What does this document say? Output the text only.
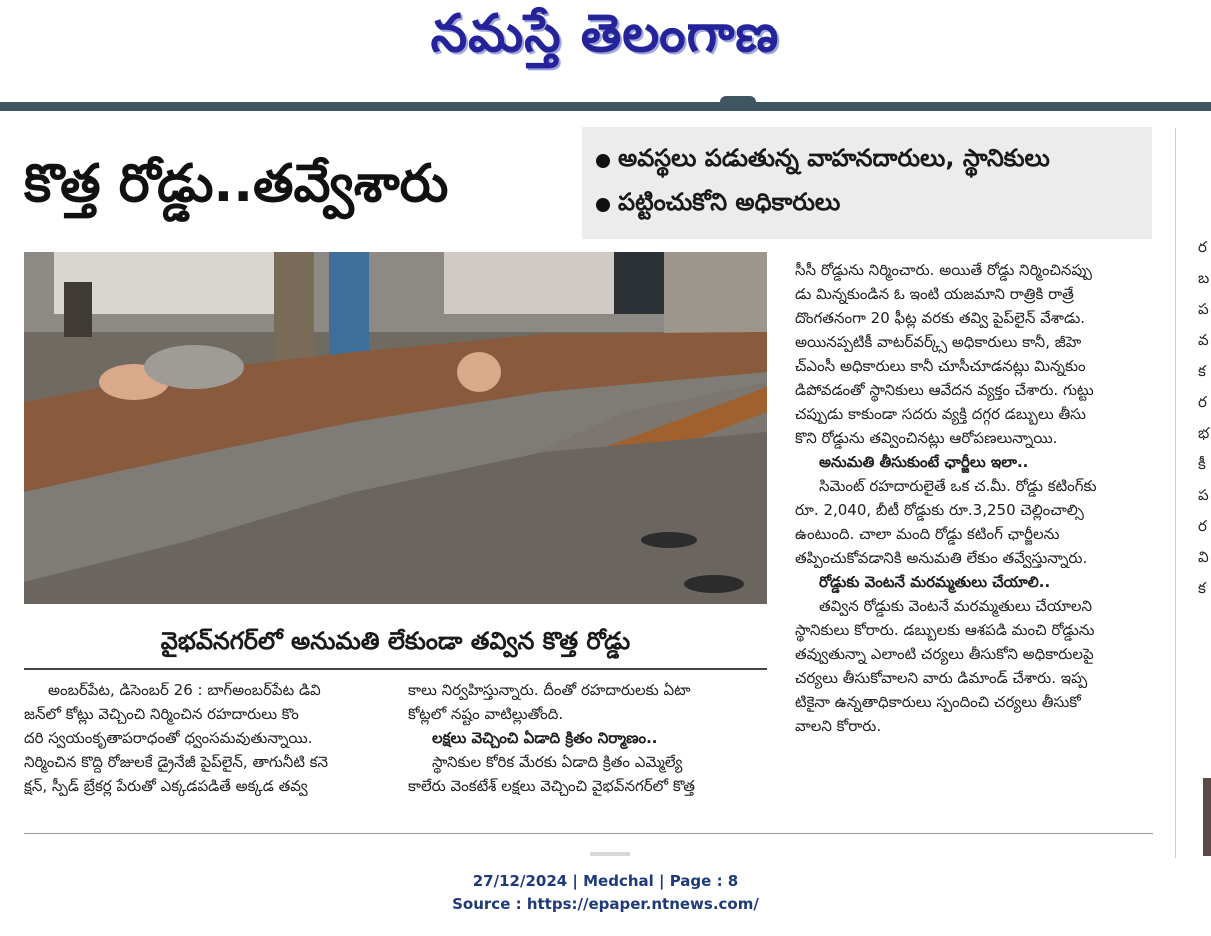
నమస్తే తెలంగాణ
కొత్త రోడ్డు..తవ్వేశారు	అవస్థలు పడుతున్న వాహనదారులు, స్థానికులు
పట్టించుకోని అధికారులు
వైభవ్‌నగర్‌లో అనుమతి లేకుండా తవ్విన కొత్త రోడ్డు

అంబర్‌పేట, డిసెంబర్ 26 : బాగ్‌అంబర్‌పేట డివి

జన్‌లో కోట్లు వెచ్చించి నిర్మించిన రహదారులు కొం

దరి స్వయంకృతాపరాధంతో ధ్వంసమవుతున్నాయి.

నిర్మించిన కొద్ది రోజులకే డ్రైనేజీ పైప్‌లైన్, తాగునీటి కనె

క్షన్, స్పీడ్ బ్రేకర్ల పేరుతో ఎక్కడపడితే అక్కడ తవ్వ

కాలు నిర్వహిస్తున్నారు. దీంతో రహదారులకు ఏటా

కోట్లలో నష్టం వాటిల్లుతోంది.

లక్షలు వెచ్చించి ఏడాది క్రితం నిర్మాణం..

స్థానికుల కోరిక మేరకు ఏడాది క్రితం ఎమ్మెల్యే

కాలేరు వెంకటేశ్ లక్షలు వెచ్చించి వైభవ్‌నగర్‌లో కొత్త

సీసీ రోడ్డును నిర్మించారు. అయితే రోడ్డు నిర్మించినప్పు

డు మిన్నకుండిన ఓ ఇంటి యజమాని రాత్రికి రాత్రే

దొంగతనంగా 20 ఫీట్ల వరకు తవ్వి పైప్‌లైన్ వేశాడు.

అయినప్పటికీ వాటర్‌వర్క్స్ అధికారులు కానీ, జీహె

చ్‌ఎంసీ అధికారులు కానీ చూసీచూడనట్లు మిన్నకుం

డిపోవడంతో స్థానికులు ఆవేదన వ్యక్తం చేశారు. గుట్టు

చప్పుడు కాకుండా సదరు వ్యక్తి దగ్గర డబ్బులు తీసు

కొని రోడ్డును తవ్వించినట్లు ఆరోపణలున్నాయి.

అనుమతి తీసుకుంటే ఛార్జీలు ఇలా..

సిమెంట్ రహదారులైతే ఒక చ.మీ. రోడ్డు కటింగ్‌కు

రూ. 2,040, బీటీ రోడ్డుకు రూ.3,250 చెల్లించాల్సి

ఉంటుంది. చాలా మంది రోడ్డు కటింగ్ ఛార్జీలను

తప్పించుకోవడానికి అనుమతి లేకుం తవ్వేస్తున్నారు.

రోడ్డుకు వెంటనే మరమ్మతులు చేయాలి..

తవ్విన రోడ్డుకు వెంటనే మరమ్మతులు చేయాలని

స్థానికులు కోరారు. డబ్బులకు ఆశపడి మంచి రోడ్డును

తవ్వుతున్నా ఎలాంటి చర్యలు తీసుకోని అధికారులపై

చర్యలు తీసుకోవాలని వారు డిమాండ్ చేశారు. ఇప్ప

టికైనా ఉన్నతాధికారులు స్పందించి చర్యలు తీసుకో

వాలని కోరారు.

ర
బ
ప
వ
క
ర
భ
కీ
ప
ర
వి
క
27/12/2024 | Medchal | Page : 8
Source : https://epaper.ntnews.com/
